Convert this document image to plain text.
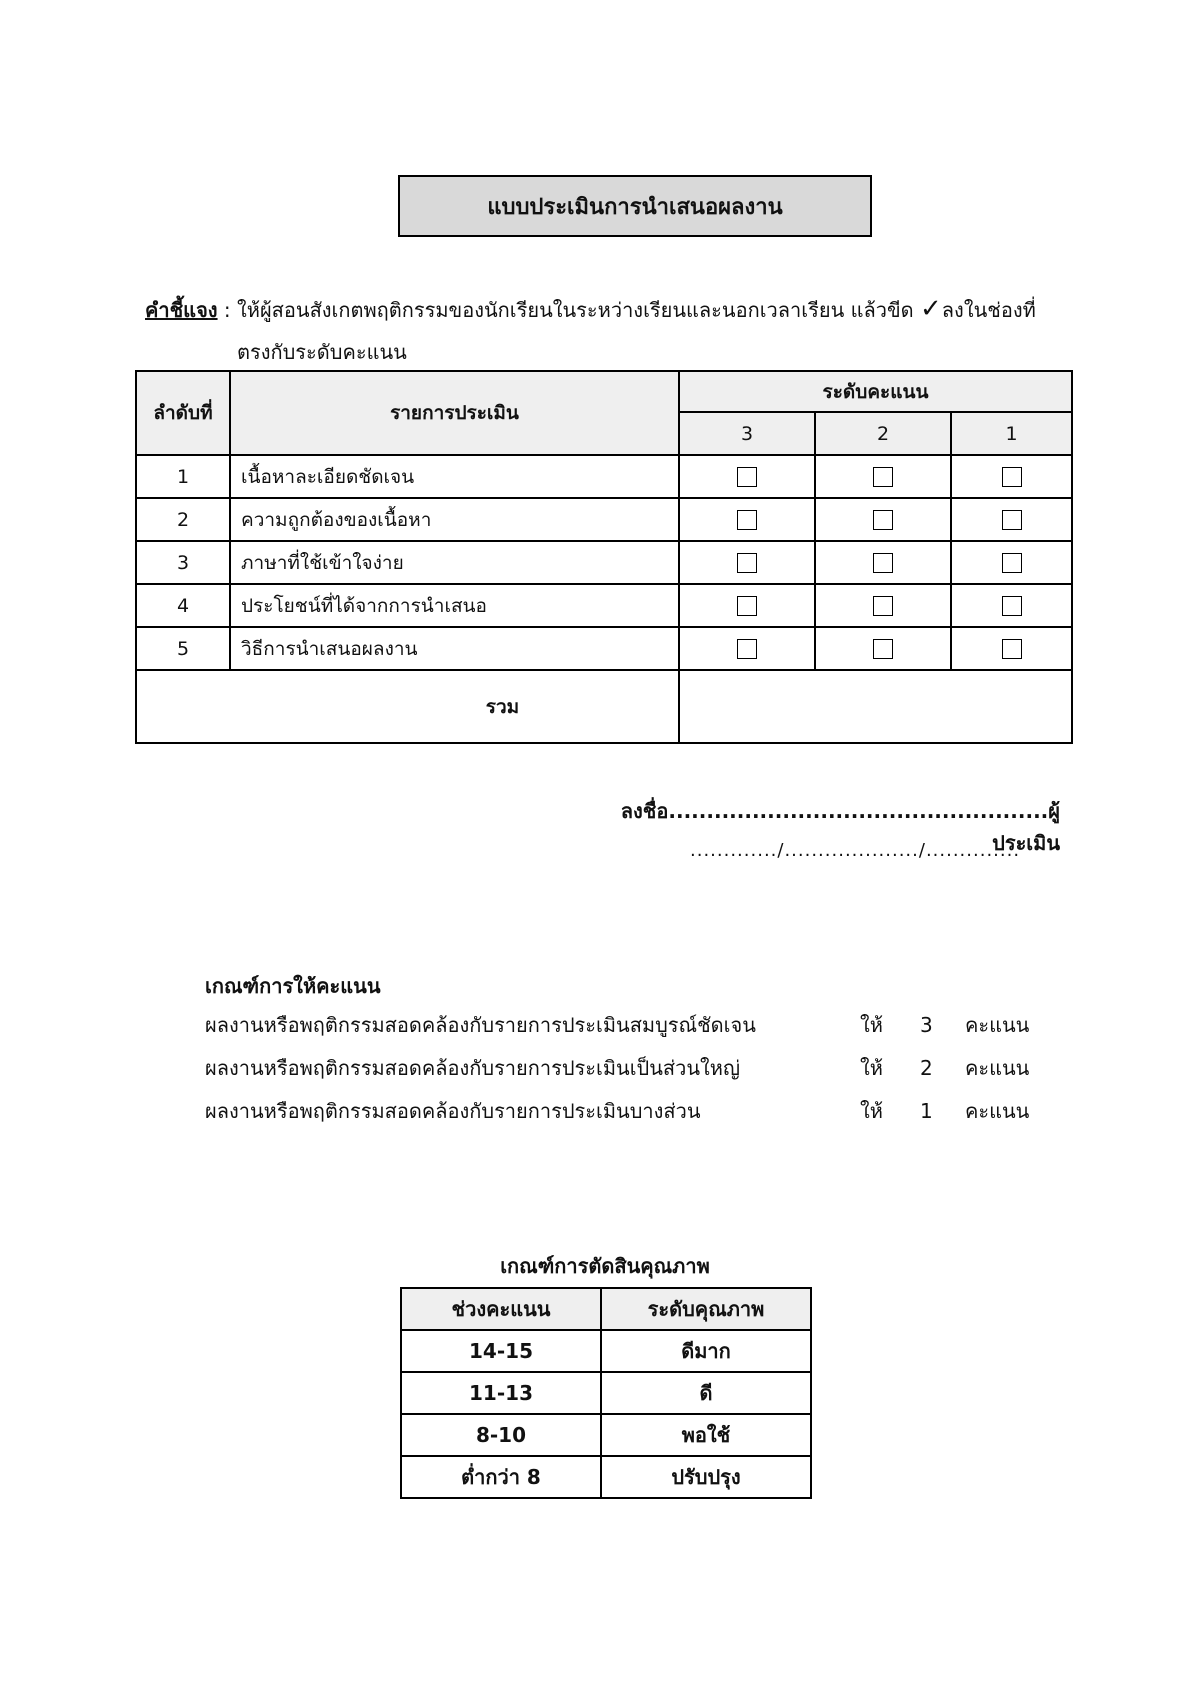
แบบประเมินการนำเสนอผลงาน
คำชี้แจง : ให้ผู้สอนสังเกตพฤติกรรมของนักเรียนในระหว่างเรียนและนอกเวลาเรียน แล้วขีด ✓ลงในช่องที่
ตรงกับระดับคะแนน
ลำดับที่	รายการประเมิน	ระดับคะแนน		
		3	2	1
1	เนื้อหาละเอียดชัดเจน			
2	ความถูกต้องของเนื้อหา			
3	ภาษาที่ใช้เข้าใจง่าย			
4	ประโยชน์ที่ได้จากการนำเสนอ			
5	วิธีการนำเสนอผลงาน			
รวม				
ลงชื่อ..................................................ผู้ประเมิน
............./..................../..............
เกณฑ์การให้คะแนน
ผลงานหรือพฤติกรรมสอดคล้องกับรายการประเมินสมบูรณ์ชัดเจน	ให้ 3 คะแนน
ผลงานหรือพฤติกรรมสอดคล้องกับรายการประเมินเป็นส่วนใหญ่	ให้ 2 คะแนน
ผลงานหรือพฤติกรรมสอดคล้องกับรายการประเมินบางส่วน	ให้ 1 คะแนน
เกณฑ์การตัดสินคุณภาพ
ช่วงคะแนน	ระดับคุณภาพ
14-15	ดีมาก
11-13	ดี
8-10	พอใช้
ต่ำกว่า 8	ปรับปรุง
